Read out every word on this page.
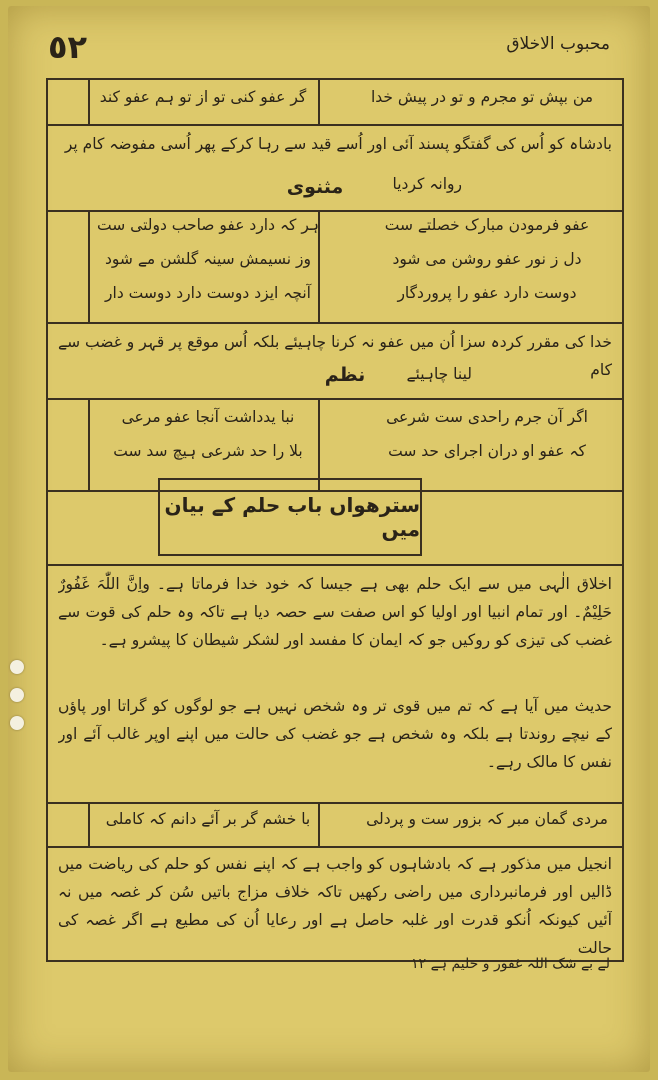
٥٢	محبوب الاخلاق
من بپش تو مجرم و تو در پیش خدا
گر عفو کنی تو از تو ہم عفو کند
بادشاہ کو اُس کی گفتگو پسند آئی اور اُسے قید سے رہا کرکے پھر اُسی مفوضہ کام پر
روانہ کردیا
مثنوی
عفو فرمودن مبارک خصلتے ست
دل ز نور عفو روشن می شود
دوست دارد عفو را پروردگار
ہر کہ دارد عفو صاحب دولتی ست
وز نسیمش سینہ گلشن مے شود
آنچہ ایزد دوست دارد دوست دار
خدا کی مقرر کردہ سزا اُن میں عفو نہ کرنا چاہیئے بلکہ اُس موقع پر قہر و غضب سے کام
لینا چاہیئے
نظم
اگر آن جرم راحدی ست شرعی
کہ عفو او دران اجرای حد ست
نبا یدداشت آنجا عفو مرعی
بلا را حد شرعی ہیچ سد ست
اخلاق الٰہی میں سے ایک حلم بھی ہے جیسا کہ خود خدا فرماتا ہے۔ واِنَّ اللّٰہَ غَفُورٌ حَلِیْمٌ۔ اور تمام انبیا اور اولیا کو اس صفت سے حصہ دیا ہے تاکہ وہ حلم کی قوت سے غضب کی تیزی کو روکیں جو کہ ایمان کا مفسد اور لشکر شیطان کا پیشرو ہے۔
حدیث میں آیا ہے کہ تم میں قوی تر وہ شخص نہیں ہے جو لوگوں کو گراتا اور پاؤں کے نیچے روندتا ہے بلکہ وہ شخص ہے جو غضب کی حالت میں اپنے اوپر غالب آئے اور نفس کا مالک رہے۔
مردی گمان مبر کہ بزور ست و پردلی
با خشم گر بر آئے دانم کہ کاملی
انجیل میں مذکور ہے کہ بادشاہوں کو واجب ہے کہ اپنے نفس کو حلم کی ریاضت میں ڈالیں اور فرمانبرداری میں راضی رکھیں تاکہ خلاف مزاج باتیں سُن کر غصہ میں نہ آئیں کیونکہ اُنکو قدرت اور غلبہ حاصل ہے اور رعایا اُن کی مطیع ہے اگر غصہ کی حالت
سترھواں باب حلم کے بیان میں
لے بے شک اللہ غفور و حلیم ہے ۱۲
